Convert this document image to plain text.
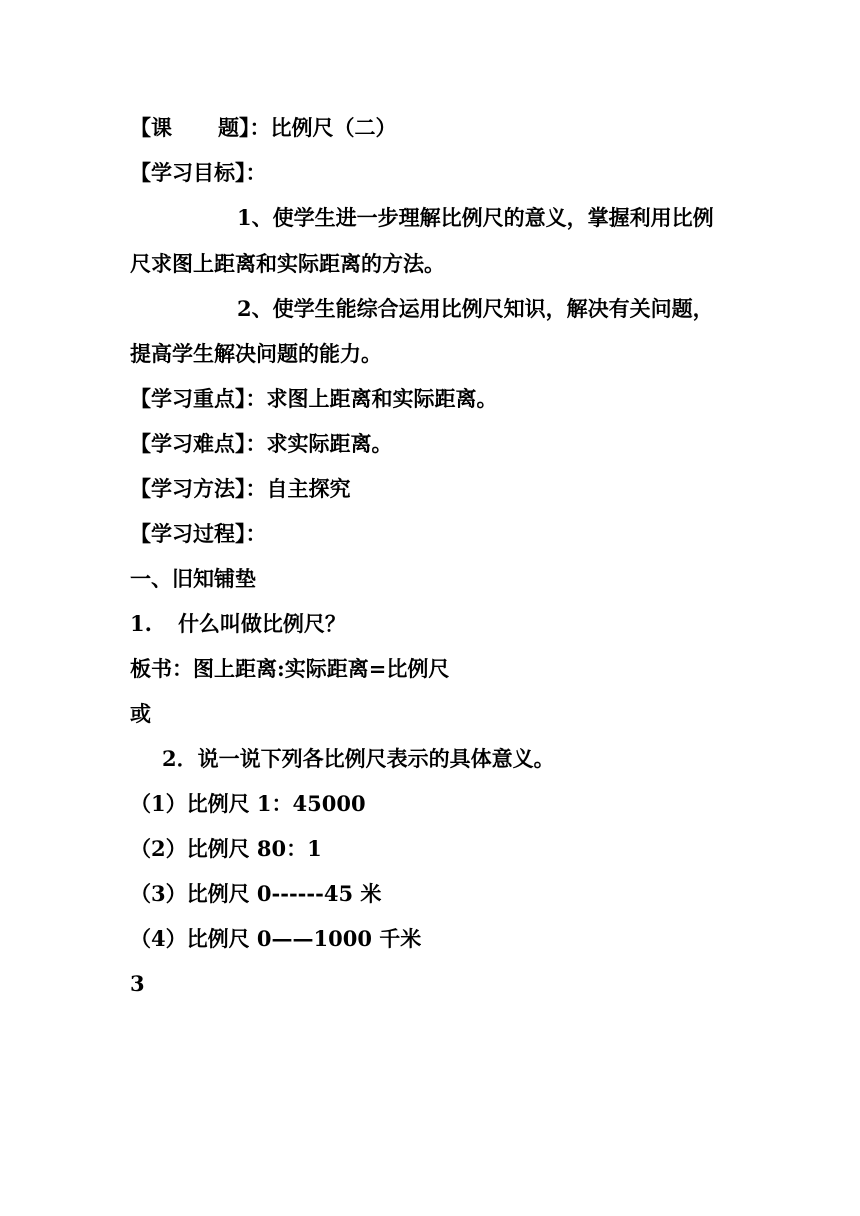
【课 题】：比例尺（二）
【学习目标】：
1、使学生进一步理解比例尺的意义，掌握利用比例
尺求图上距离和实际距离的方法。
2、使学生能综合运用比例尺知识，解决有关问题，
提高学生解决问题的能力。
【学习重点】：求图上距离和实际距离。
【学习难点】：求实际距离。
【学习方法】：自主探究
【学习过程】：
一、旧知铺垫
1. 什么叫做比例尺？
板书：图上距离:实际距离=比例尺
或
2．说一说下列各比例尺表示的具体意义。
（1）比例尺 1：45000
（2）比例尺 80：1
（3）比例尺 0------45 米
（4）比例尺 0——1000 千米
3
